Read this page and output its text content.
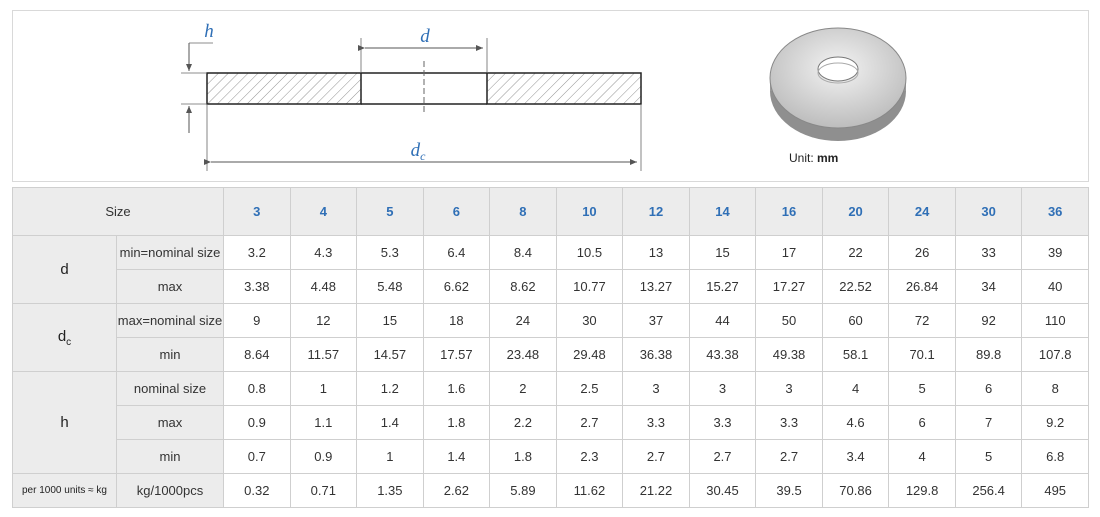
d
$d_c$
h
Unit: mm
Size		3	4	5	6	8	10	12	14	16	20	24	30	36
d	min=nominal size	3.2	4.3	5.3	6.4	8.4	10.5	13	15	17	22	26	33	39
	max	3.38	4.48	5.48	6.62	8.62	10.77	13.27	15.27	17.27	22.52	26.84	34	40
$d_c$	max=nominal size	9	12	15	18	24	30	37	44	50	60	72	92	110
	min	8.64	11.57	14.57	17.57	23.48	29.48	36.38	43.38	49.38	58.1	70.1	89.8	107.8
h	nominal size	0.8	1	1.2	1.6	2	2.5	3	3	3	4	5	6	8
	max	0.9	1.1	1.4	1.8	2.2	2.7	3.3	3.3	3.3	4.6	6	7	9.2
	min	0.7	0.9	1	1.4	1.8	2.3	2.7	2.7	2.7	3.4	4	5	6.8
per 1000 units ≈ kg	kg/1000pcs	0.32	0.71	1.35	2.62	5.89	11.62	21.22	30.45	39.5	70.86	129.8	256.4	495
